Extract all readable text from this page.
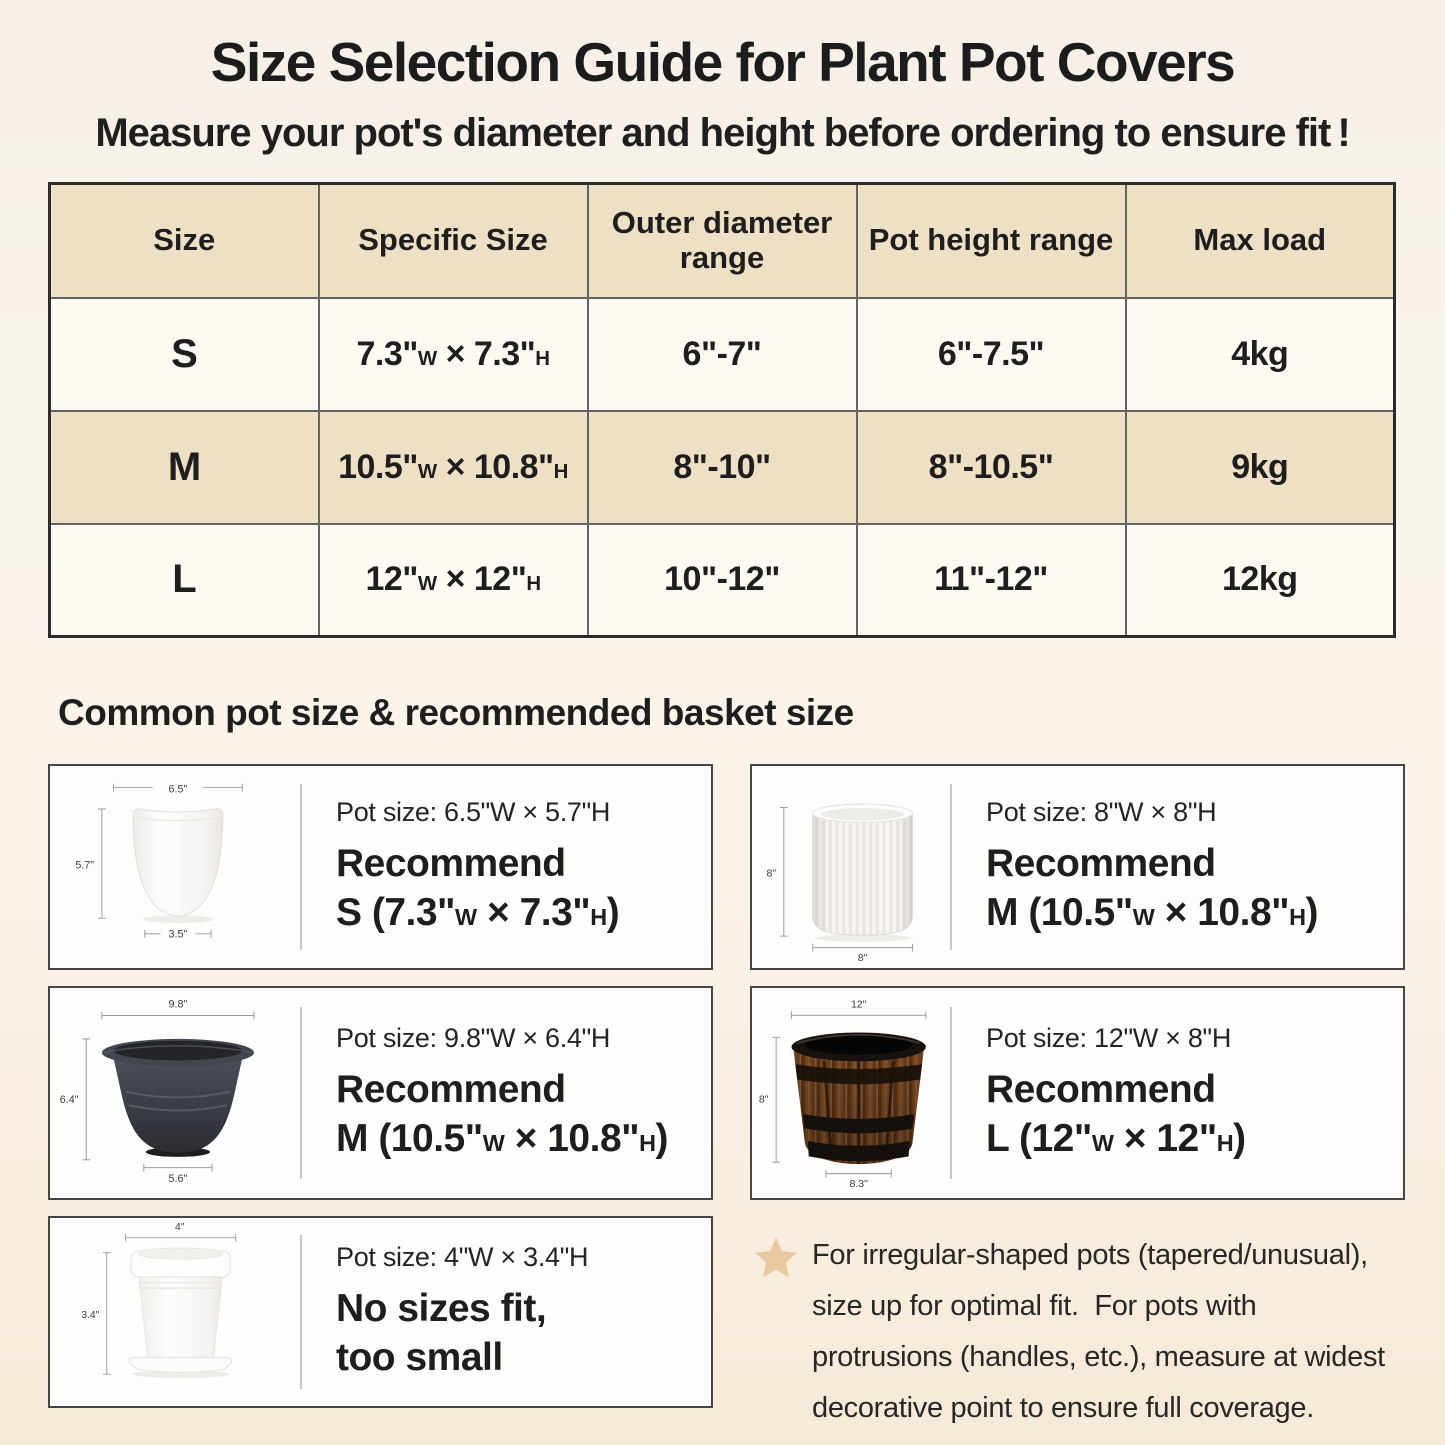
Size Selection Guide for Plant Pot Covers
Measure your pot's diameter and height before ordering to ensure fit !
Size	Specific Size	Outer diameter range	Pot height range	Max load
S	7.3"W × 7.3"H	6"-7"	6"-7.5"	4kg
M	10.5"W × 10.8"H	8"-10"	8"-10.5"	9kg
L	12"W × 12"H	10"-12"	11"-12"	12kg
Common pot size & recommended basket size
6.5"
5.7"
3.5"
Pot size: 6.5"W × 5.7"H
Recommend
S (7.3"W × 7.3"H)
8"
8"
Pot size: 8"W × 8"H
Recommend
M (10.5"W × 10.8"H)
9.8"
6.4"
5.6"
Pot size: 9.8"W × 6.4"H
Recommend
M (10.5"W × 10.8"H)
12"
8"
8.3"
Pot size: 12"W × 8"H
Recommend
L (12"W × 12"H)
4"
3.4"
Pot size: 4"W × 3.4"H
No sizes fit,
too small
For irregular-shaped pots (tapered/unusual),
size up for optimal fit.  For pots with
protrusions (handles, etc.), measure at widest
decorative point to ensure full coverage.
